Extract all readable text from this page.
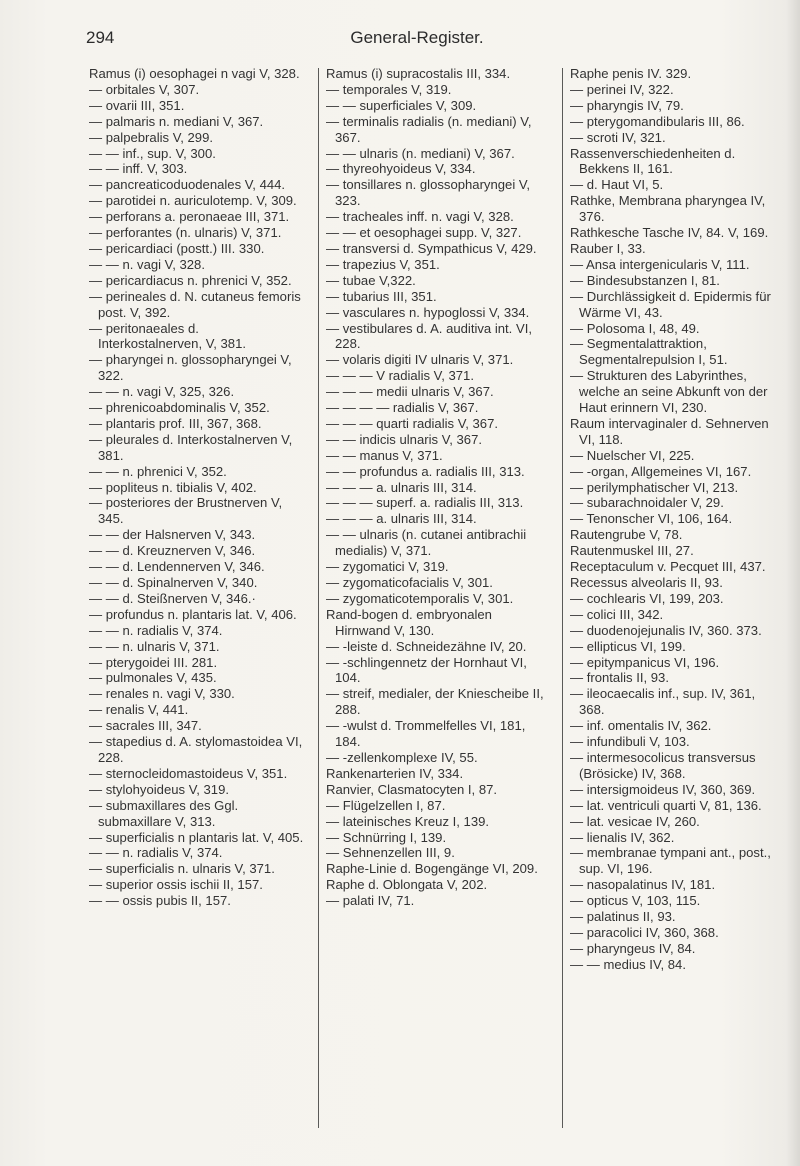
294	General-Register.

Ramus (i) oesophagei n vagi V, 328.

— orbitales V, 307.

— ovarii III, 351.

— palmaris n. mediani V, 367.

— palpebralis V, 299.

— — inf., sup. V, 300.

— — inff. V, 303.

— pancreaticoduodenales V, 444.

— parotidei n. auriculotemp. V, 309.

— perforans a. peronaeae III, 371.

— perforantes (n. ulnaris) V, 371.

— pericardiaci (postt.) III. 330.

— — n. vagi V, 328.

— pericardiacus n. phrenici V, 352.

— perineales d. N. cutaneus femoris post. V, 392.

— peritonaeales d. Interkostalnerven, V, 381.

— pharyngei n. glossopharyngei V, 322.

— — n. vagi V, 325, 326.

— phrenicoabdominalis V, 352.

— plantaris prof. III, 367, 368.

— pleurales d. Interkostalnerven V, 381.

— — n. phrenici V, 352.

— popliteus n. tibialis V, 402.

— posteriores der Brustnerven V, 345.

— — der Halsnerven V, 343.

— — d. Kreuznerven V, 346.

— — d. Lendennerven V, 346.

— — d. Spinalnerven V, 340.

— — d. Steißnerven V, 346.·

— profundus n. plantaris lat. V, 406.

— — n. radialis V, 374.

— — n. ulnaris V, 371.

— pterygoidei III. 281.

— pulmonales V, 435.

— renales n. vagi V, 330.

— renalis V, 441.

— sacrales III, 347.

— stapedius d. A. stylomastoidea VI, 228.

— sternocleidomastoideus V, 351.

— stylohyoideus V, 319.

— submaxillares des Ggl. submaxillare V, 313.

— superficialis n plantaris lat. V, 405.

— — n. radialis V, 374.

— superficialis n. ulnaris V, 371.

— superior ossis ischii II, 157.

— — ossis pubis II, 157.

Ramus (i) supracostalis III, 334.

— temporales V, 319.

— — superficiales V, 309.

— terminalis radialis (n. mediani) V, 367.

— — ulnaris (n. mediani) V, 367.

— thyreohyoideus V, 334.

— tonsillares n. glossopharyngei V, 323.

— tracheales inff. n. vagi V, 328.

— — et oesophagei supp. V, 327.

— transversi d. Sympathicus V, 429.

— trapezius V, 351.

— tubae V,322.

— tubarius III, 351.

— vasculares n. hypoglossi V, 334.

— vestibulares d. A. auditiva int. VI, 228.

— volaris digiti IV ulnaris V, 371.

— — — V radialis V, 371.

— — — medii ulnaris V, 367.

— — — — radialis V, 367.

— — — quarti radialis V, 367.

— — indicis ulnaris V, 367.

— — manus V, 371.

— — profundus a. radialis III, 313.

— — — a. ulnaris III, 314.

— — — superf. a. radialis III, 313.

— — — a. ulnaris III, 314.

— — ulnaris (n. cutanei antibrachii medialis) V, 371.

— zygomatici V, 319.

— zygomaticofacialis V, 301.

— zygomaticotemporalis V, 301.

Rand-bogen d. embryonalen Hirnwand V, 130.

— -leiste d. Schneidezähne IV, 20.

— -schlingennetz der Hornhaut VI, 104.

— streif, medialer, der Kniescheibe II, 288.

— -wulst d. Trommelfelles VI, 181, 184.

— -zellenkomplexe IV, 55.

Rankenarterien IV, 334.

Ranvier, Clasmatocyten I, 87.

— Flügelzellen I, 87.

— lateinisches Kreuz I, 139.

— Schnürring I, 139.

— Sehnenzellen III, 9.

Raphe-Linie d. Bogengänge VI, 209.

Raphe d. Oblongata V, 202.

— palati IV, 71.

Raphe penis IV. 329.

— perinei IV, 322.

— pharyngis IV, 79.

— pterygomandibularis III, 86.

— scroti IV, 321.

Rassenverschiedenheiten d. Bekkens II, 161.

— d. Haut VI, 5.

Rathke, Membrana pharyngea IV, 376.

Rathkesche Tasche IV, 84. V, 169.

Rauber I, 33.

— Ansa intergenicularis V, 111.

— Bindesubstanzen I, 81.

— Durchlässigkeit d. Epidermis für Wärme VI, 43.

— Polosoma I, 48, 49.

— Segmentalattraktion, Segmentalrepulsion I, 51.

— Strukturen des Labyrinthes, welche an seine Abkunft von der Haut erinnern VI, 230.

Raum intervaginaler d. Sehnerven VI, 118.

— Nuelscher VI, 225.

— -organ, Allgemeines VI, 167.

— perilymphatischer VI, 213.

— subarachnoidaler V, 29.

— Tenonscher VI, 106, 164.

Rautengrube V, 78.

Rautenmuskel III, 27.

Receptaculum v. Pecquet III, 437.

Recessus alveolaris II, 93.

— cochlearis VI, 199, 203.

— colici III, 342.

— duodenojejunalis IV, 360. 373.

— ellipticus VI, 199.

— epitympanicus VI, 196.

— frontalis II, 93.

— ileocaecalis inf., sup. IV, 361, 368.

— inf. omentalis IV, 362.

— infundibuli V, 103.

— intermesocolicus transversus (Brösicke) IV, 368.

— intersigmoideus IV, 360, 369.

— lat. ventriculi quarti V, 81, 136.

— lat. vesicae IV, 260.

— lienalis IV, 362.

— membranae tympani ant., post., sup. VI, 196.

— nasopalatinus IV, 181.

— opticus V, 103, 115.

— palatinus II, 93.

— paracolici IV, 360, 368.

— pharyngeus IV, 84.

— — medius IV, 84.
